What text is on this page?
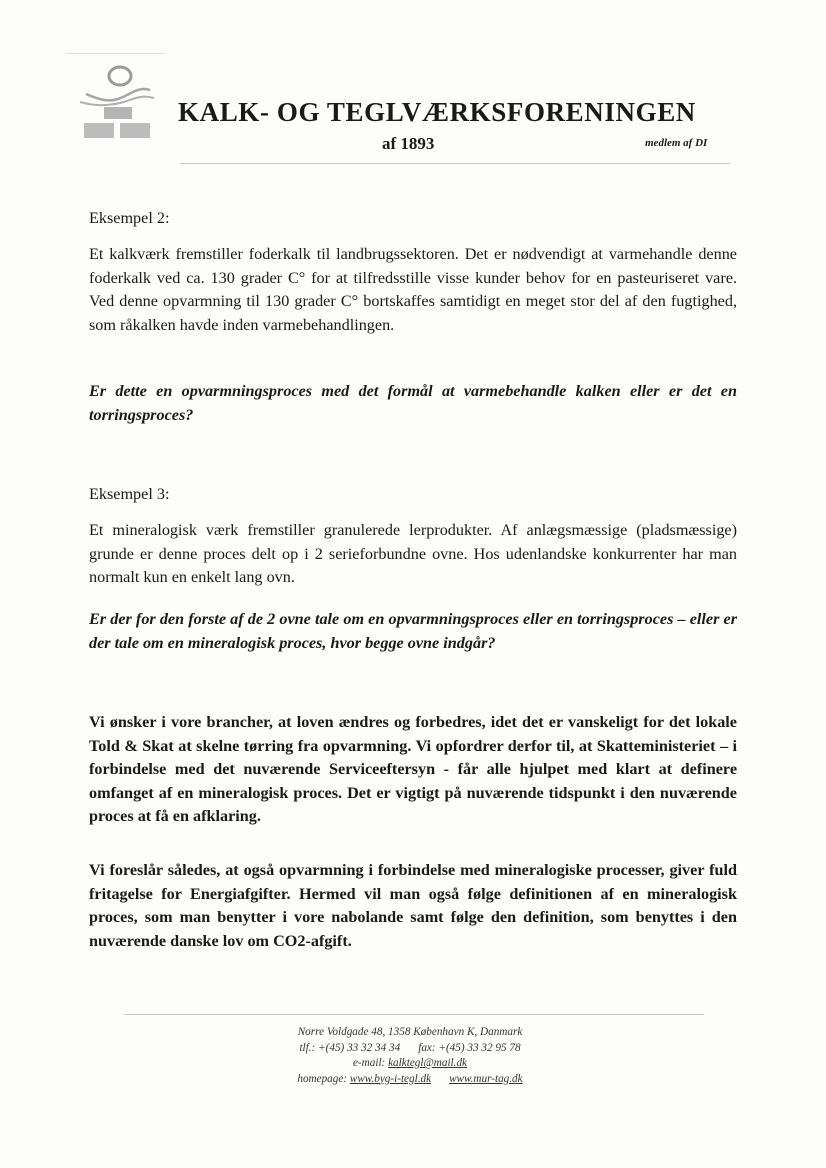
KALK- OG TEGLVÆRKSFORENINGEN
af 1893	medlem af DI

Eksempel 2:

Et kalkværk fremstiller foderkalk til landbrugssektoren. Det er nødvendigt at varmehandle denne foderkalk ved ca. 130 grader C° for at tilfredsstille visse kunder behov for en pasteuriseret vare. Ved denne opvarmning til 130 grader C° bortskaffes samtidigt en meget stor del af den fugtighed, som råkalken havde inden varmebehandlingen.

Er dette en opvarmningsproces med det formål at varmebehandle kalken eller er det en torringsproces?

Eksempel 3:

Et mineralogisk værk fremstiller granulerede lerprodukter. Af anlægsmæssige (pladsmæssige) grunde er denne proces delt op i 2 serieforbundne ovne. Hos udenlandske konkurrenter har man normalt kun en enkelt lang ovn.

Er der for den forste af de 2 ovne tale om en opvarmningsproces eller en torringsproces – eller er der tale om en mineralogisk proces, hvor begge ovne indgår?

Vi ønsker i vore brancher, at loven ændres og forbedres, idet det er vanskeligt for det lokale Told & Skat at skelne tørring fra opvarmning. Vi opfordrer derfor til, at Skatteministeriet – i forbindelse med det nuværende Serviceeftersyn - får alle hjulpet med klart at definere omfanget af en mineralogisk proces. Det er vigtigt på nuværende tidspunkt i den nuværende proces at få en afklaring.

Vi foreslår således, at også opvarmning i forbindelse med mineralogiske processer, giver fuld fritagelse for Energiafgifter. Hermed vil man også følge definitionen af en mineralogisk proces, som man benytter i vore nabolande samt følge den definition, som benyttes i den nuværende danske lov om CO2-afgift.

Norre Voldgade 48, 1358 København K, Danmark
tlf.: +(45) 33 32 34 34 fax: +(45) 33 32 95 78
e-mail: kalktegl@mail.dk
homepage: www.byg-i-tegl.dk www.mur-tag.dk
